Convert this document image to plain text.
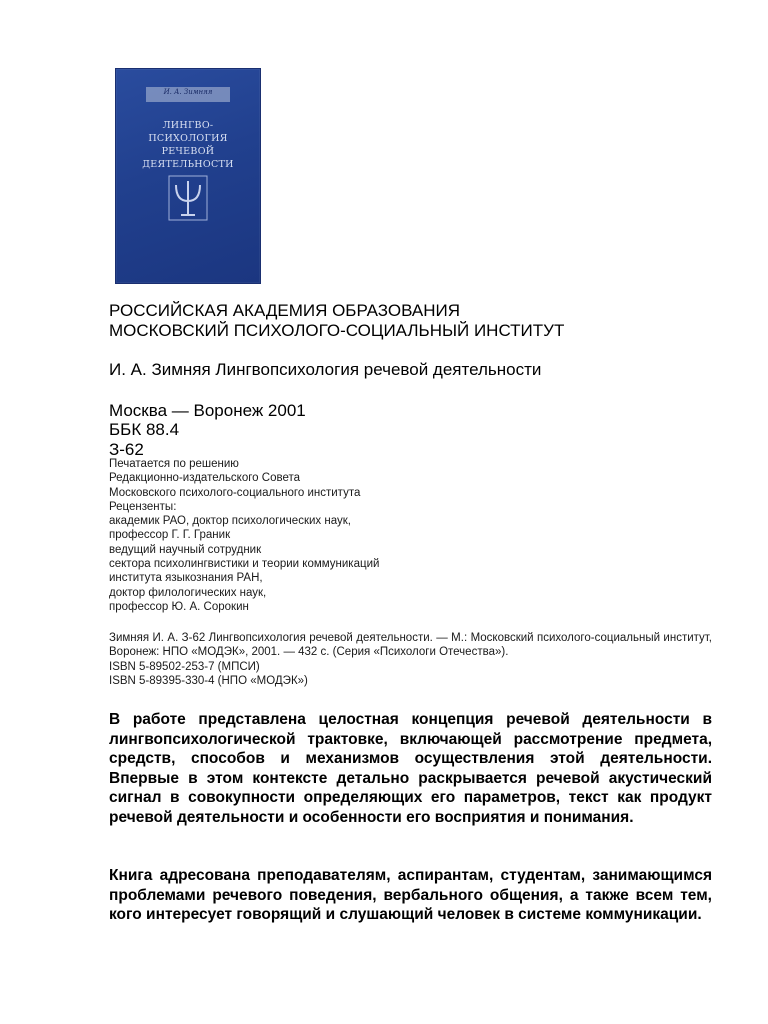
И. А. Зимняя
ЛИНГВО-
ПСИХОЛОГИЯ
РЕЧЕВОЙ
ДЕЯТЕЛЬНОСТИ
РОССИЙСКАЯ АКАДЕМИЯ ОБРАЗОВАНИЯ
МОСКОВСКИЙ ПСИХОЛОГО-СОЦИАЛЬНЫЙ ИНСТИТУТ
И. А. Зимняя Лингвопсихология речевой деятельности
Москва — Воронеж 2001
ББК 88.4
З-62
Печатается по решению
Редакционно-издательского Совета
Московского психолого-социального института
Рецензенты:
академик РАО, доктор психологических наук,
профессор Г. Г. Граник
ведущий научный сотрудник
сектора психолингвистики и теории коммуникаций
института языкознания РАН,
доктор филологических наук,
профессор Ю. А. Сорокин
Зимняя И. А. З-62 Лингвопсихология речевой деятельности. — М.: Московский психолого-социальный институт, Воронеж: НПО «МОДЭК», 2001. — 432 с. (Серия «Психологи Отечества»).
ISBN 5-89502-253-7 (МПСИ)
ISBN 5-89395-330-4 (НПО «МОДЭК»)
В работе представлена целостная концепция речевой деятельности в лингвопсихологической трактовке, включающей рассмотрение предмета, средств, способов и механизмов осуществления этой деятельности. Впервые в этом контексте детально раскрывается речевой акустический сигнал в совокупности определяющих его параметров, текст как продукт речевой деятельности и особенности его восприятия и понимания.
Книга адресована преподавателям, аспирантам, студентам, занимающимся проблемами речевого поведения, вербального общения, а также всем тем, кого интересует говорящий и слушающий человек в системе коммуникации.
